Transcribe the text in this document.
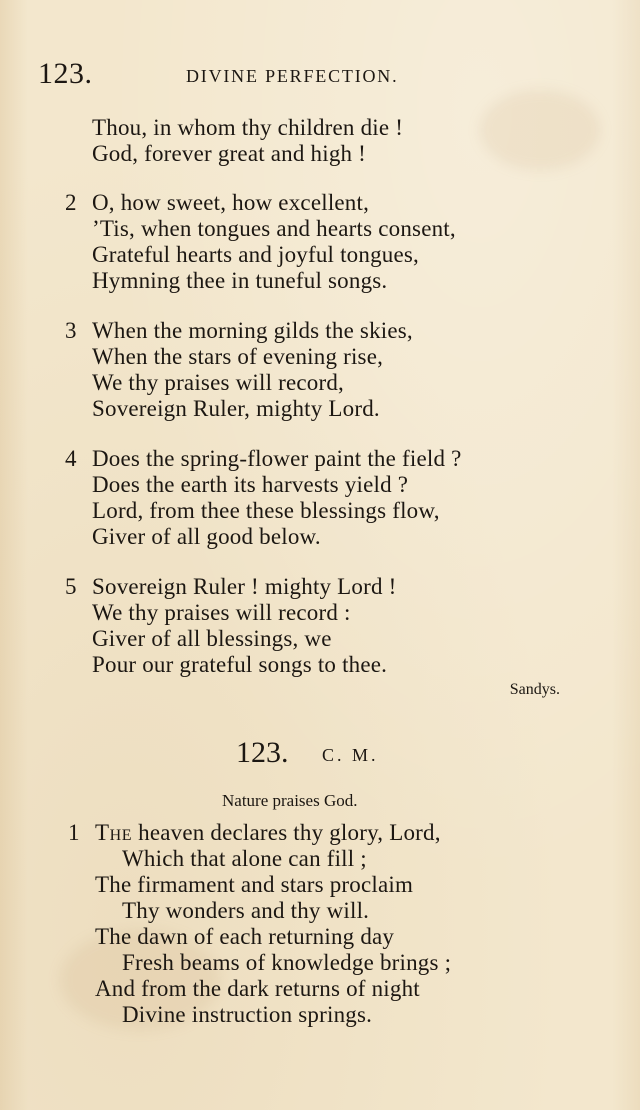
123.	DIVINE PERFECTION.
Thou, in whom thy children die !
God, forever great and high !
2 O, how sweet, how excellent,
’Tis, when tongues and hearts consent,
Grateful hearts and joyful tongues,
Hymning thee in tuneful songs.
3 When the morning gilds the skies,
When the stars of evening rise,
We thy praises will record,
Sovereign Ruler, mighty Lord.
4 Does the spring-flower paint the field ?
Does the earth its harvests yield ?
Lord, from thee these blessings flow,
Giver of all good below.
5 Sovereign Ruler ! mighty Lord !
We thy praises will record :
Giver of all blessings, we
Pour our grateful songs to thee.
Sandys.
123. C. M.
Nature praises God.
1 The heaven declares thy glory, Lord,
Which that alone can fill ;
The firmament and stars proclaim
Thy wonders and thy will.
The dawn of each returning day
Fresh beams of knowledge brings ;
And from the dark returns of night
Divine instruction springs.
